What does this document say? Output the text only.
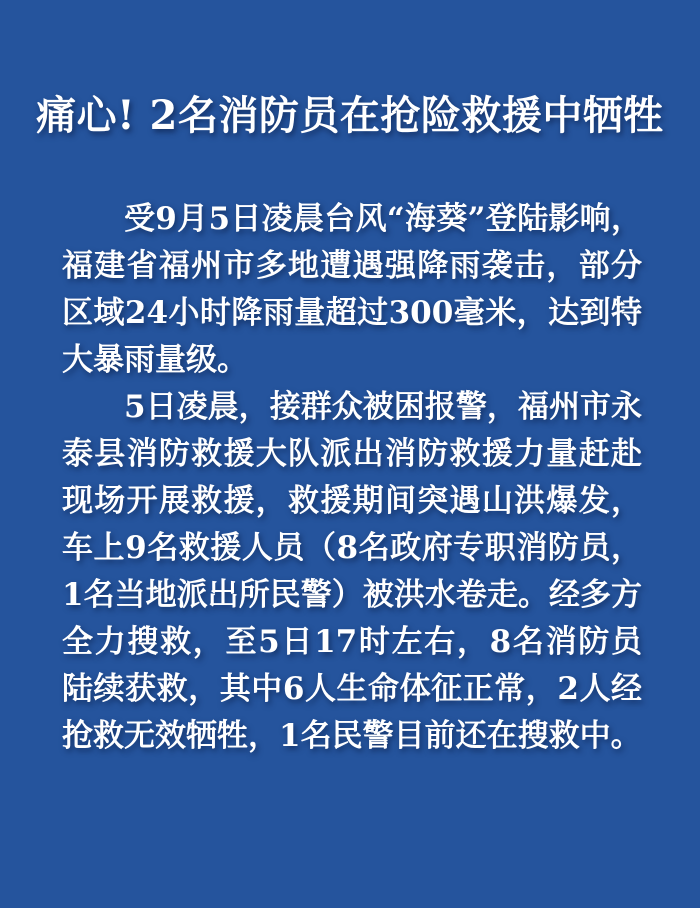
痛心! 2名消防员在抢险救援中牺牲

受9月5日凌晨台风“海葵”登陆影响，福建省福州市多地遭遇强降雨袭击，部分区域24小时降雨量超过300毫米，达到特大暴雨量级。

5日凌晨，接群众被困报警，福州市永泰县消防救援大队派出消防救援力量赶赴现场开展救援，救援期间突遇山洪爆发，车上9名救援人员（8名政府专职消防员，1名当地派出所民警）被洪水卷走。经多方全力搜救，至5日17时左右，8名消防员陆续获救，其中6人生命体征正常，2人经抢救无效牺牲，1名民警目前还在搜救中。
